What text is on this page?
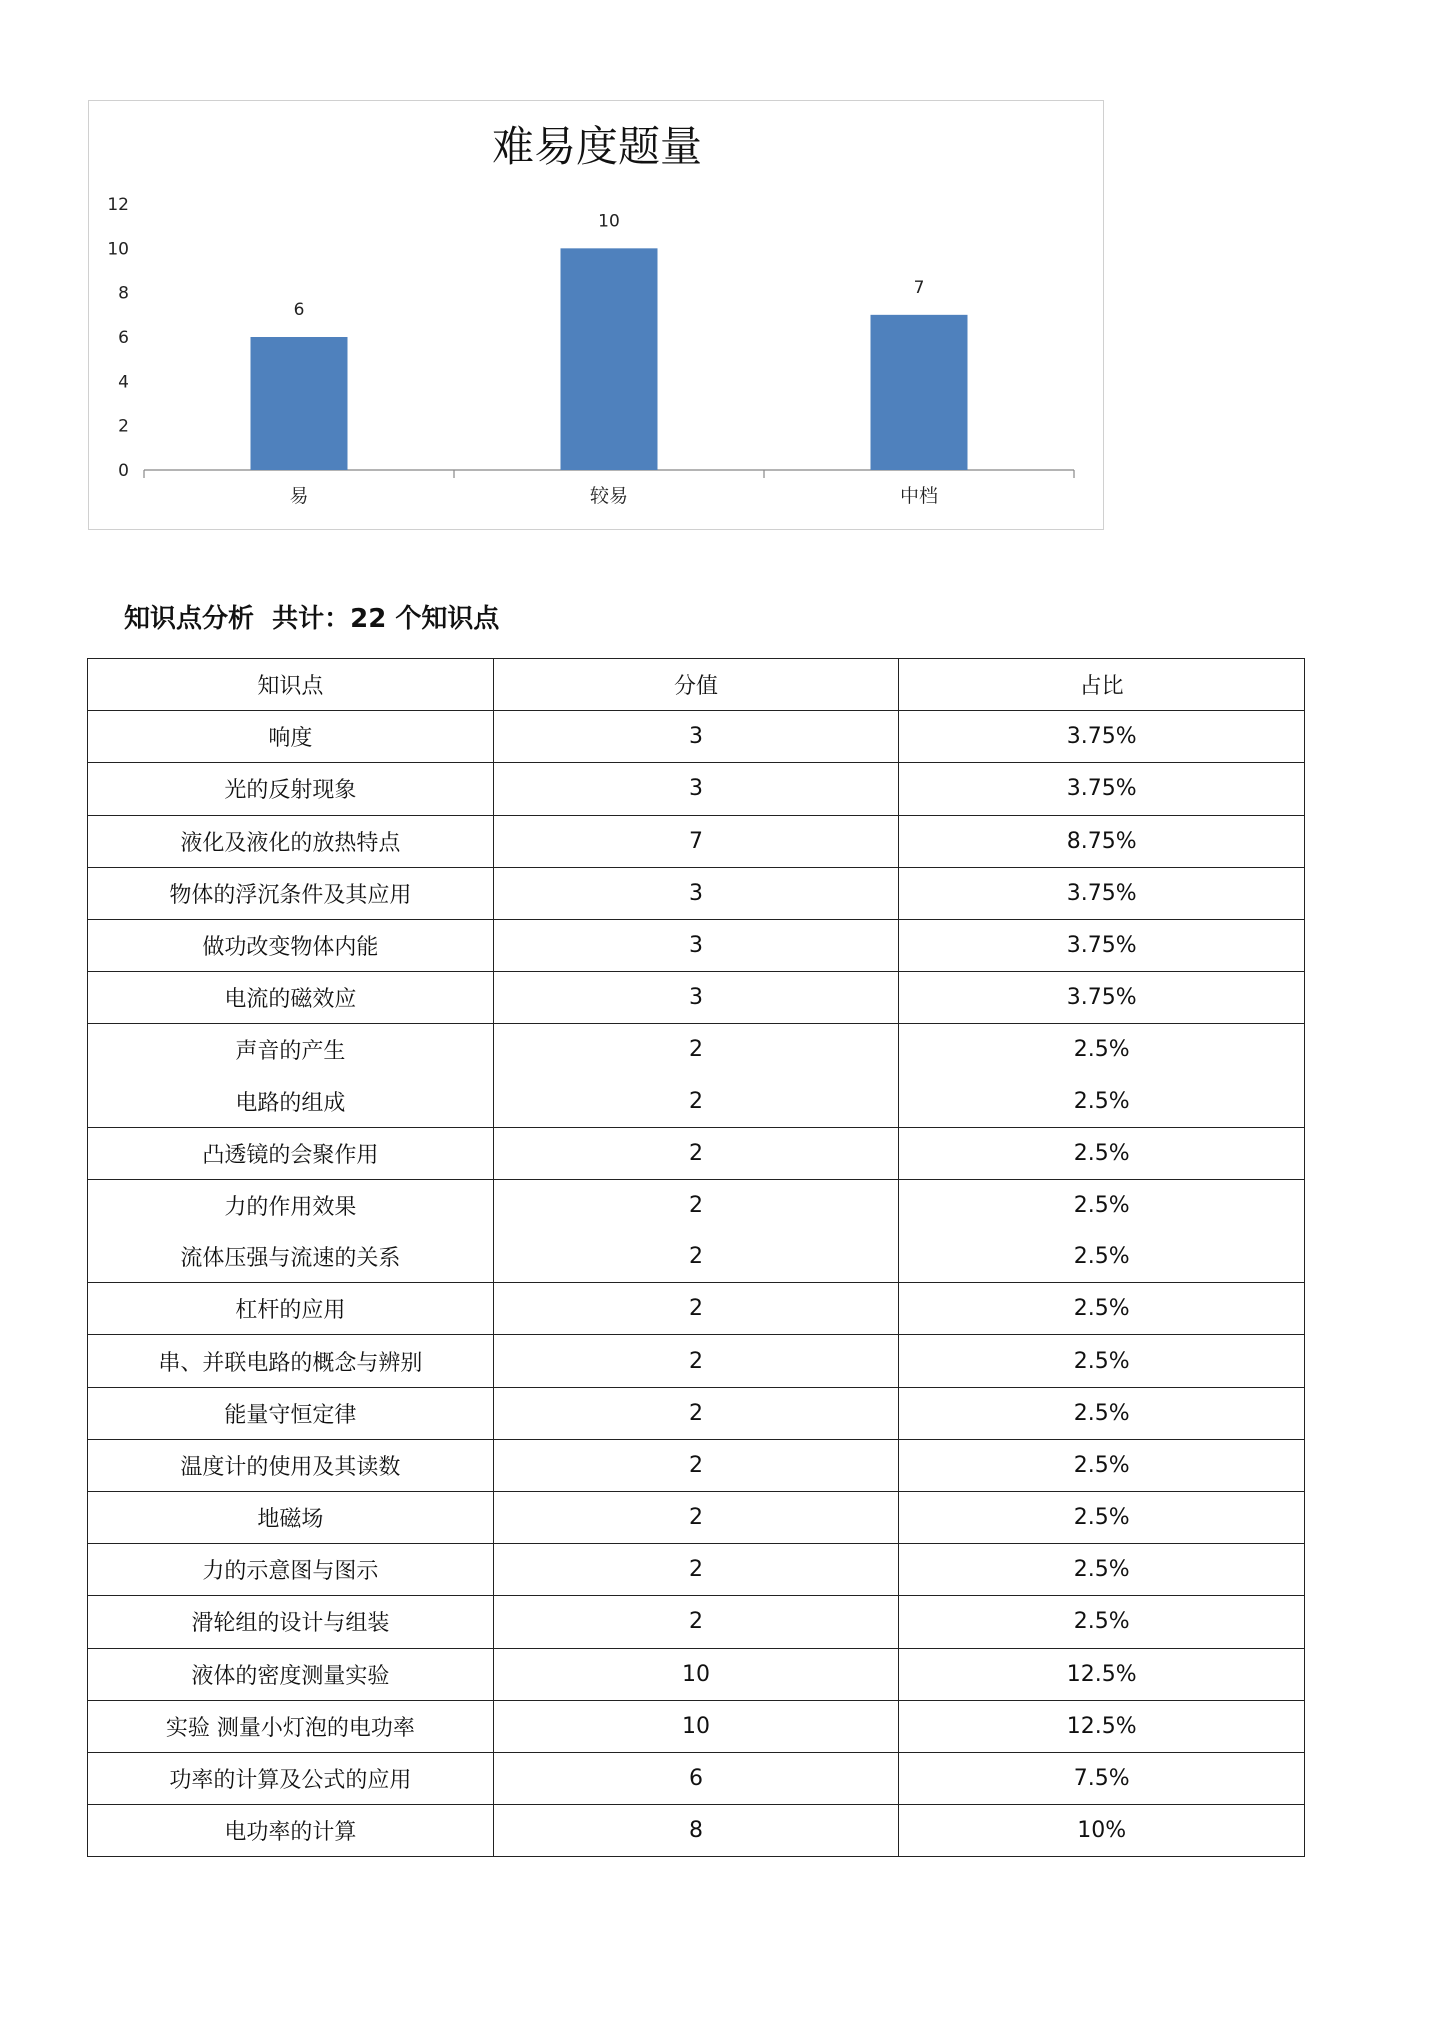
难易度题量
0
2
4
6
8
10
12
6
易
10
较易
7
中档
知识点分析  共计：22 个知识点
知识点	分值	占比
响度	3	3.75%
光的反射现象	3	3.75%
液化及液化的放热特点	7	8.75%
物体的浮沉条件及其应用	3	3.75%
做功改变物体内能	3	3.75%
电流的磁效应	3	3.75%
声音的产生	2	2.5%
电路的组成	2	2.5%
凸透镜的会聚作用	2	2.5%
力的作用效果	2	2.5%
流体压强与流速的关系	2	2.5%
杠杆的应用	2	2.5%
串、并联电路的概念与辨别	2	2.5%
能量守恒定律	2	2.5%
温度计的使用及其读数	2	2.5%
地磁场	2	2.5%
力的示意图与图示	2	2.5%
滑轮组的设计与组装	2	2.5%
液体的密度测量实验	10	12.5%
实验 测量小灯泡的电功率	10	12.5%
功率的计算及公式的应用	6	7.5%
电功率的计算	8	10%
